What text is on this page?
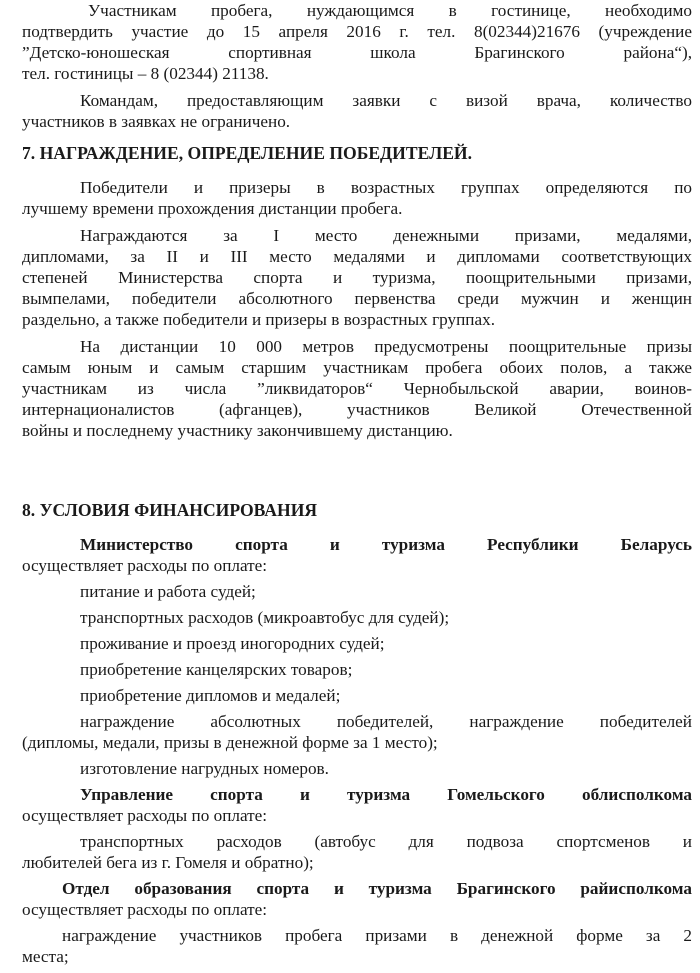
Участникам пробега, нуждающимся в гостинице, необходимо
подтвердить участие до 15 апреля 2016 г. тел. 8(02344)21676 (учреждение
”Детско-юношеская спортивная школа Брагинского района“),
тел. гостиницы – 8 (02344) 21138.
Командам, предоставляющим заявки с визой врача, количество
участников в заявках не ограничено.
7. НАГРАЖДЕНИЕ, ОПРЕДЕЛЕНИЕ ПОБЕДИТЕЛЕЙ.
Победители и призеры в возрастных группах определяются по
лучшему времени прохождения дистанции пробега.
Награждаются за I место денежными призами, медалями,
дипломами, за II и III место медалями и дипломами соответствующих
степеней Министерства спорта и туризма, поощрительными призами,
вымпелами, победители абсолютного первенства среди мужчин и женщин
раздельно, а также победители и призеры в возрастных группах.
На дистанции 10 000 метров предусмотрены поощрительные призы
самым юным и самым старшим участникам пробега обоих полов, а также
участникам из числа ”ликвидаторов“ Чернобыльской аварии, воинов-
интернационалистов (афганцев), участников Великой Отечественной
войны и последнему участнику закончившему дистанцию.
8. УСЛОВИЯ ФИНАНСИРОВАНИЯ
Министерство спорта и туризма Республики Беларусь
осуществляет расходы по оплате:
питание и работа судей;
транспортных расходов (микроавтобус для судей);
проживание и проезд иногородних судей;
приобретение канцелярских товаров;
приобретение дипломов и медалей;
награждение абсолютных победителей, награждение победителей
(дипломы, медали, призы в денежной форме за 1 место);
изготовление нагрудных номеров.
Управление спорта и туризма Гомельского облисполкома
осуществляет расходы по оплате:
транспортных расходов (автобус для подвоза спортсменов и
любителей бега из г. Гомеля и обратно);
Отдел образования спорта и туризма Брагинского райисполкома
осуществляет расходы по оплате:
награждение участников пробега призами в денежной форме за 2
места;
